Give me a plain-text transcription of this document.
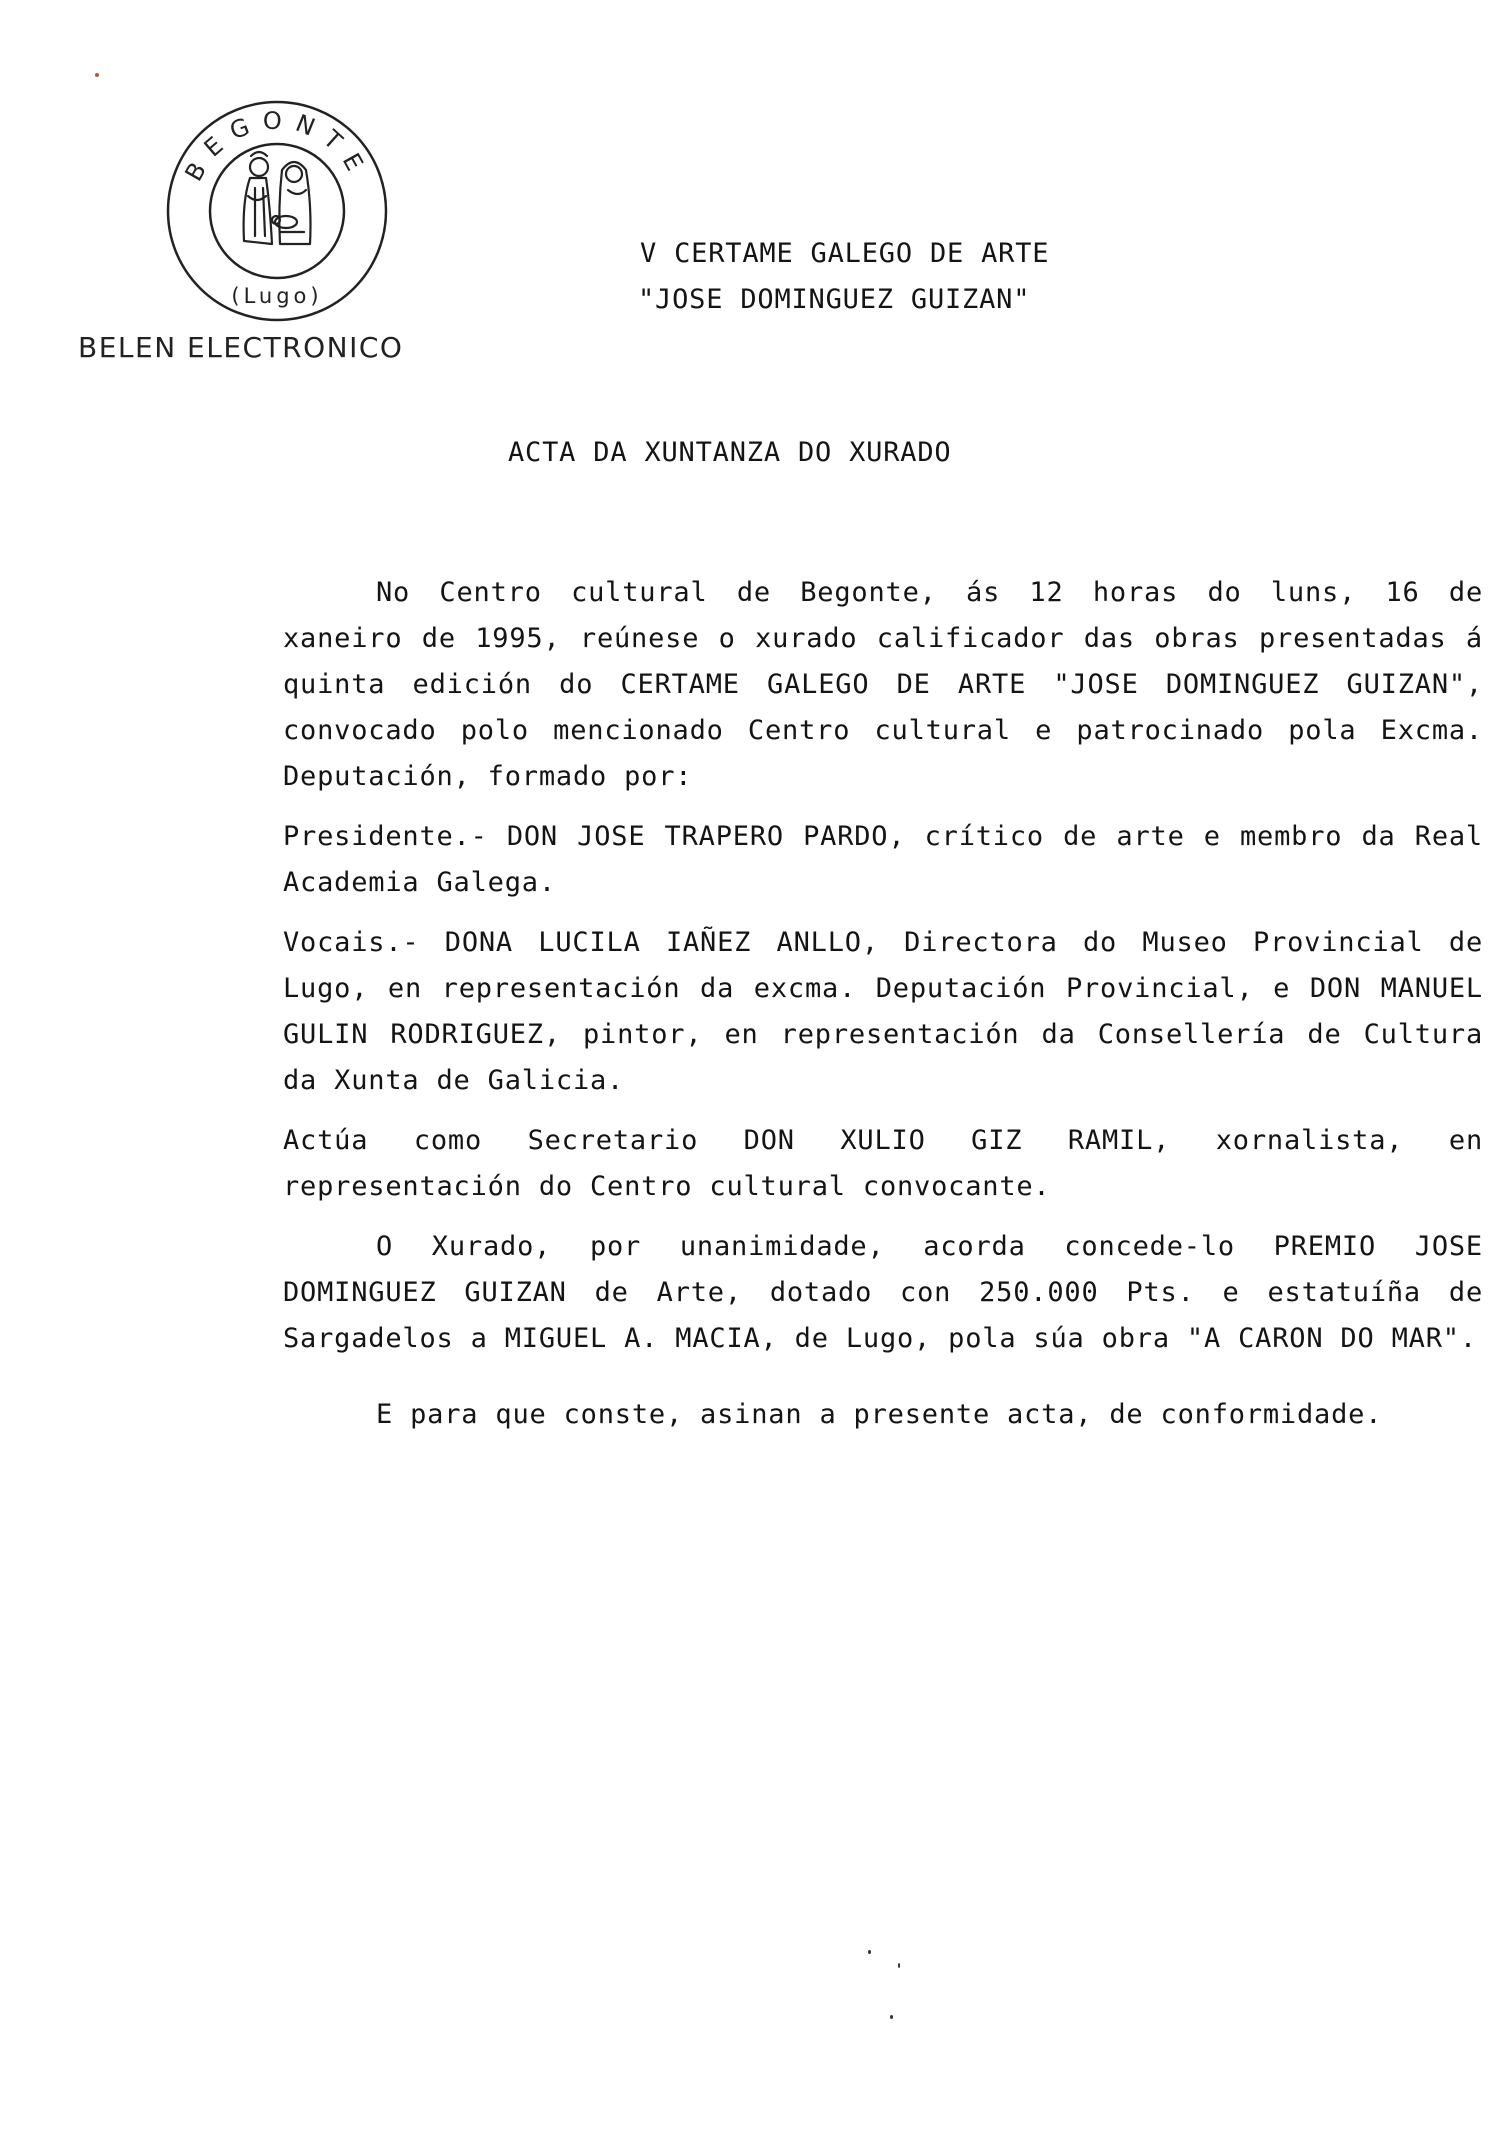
BEGONTE
(Lugo)
BELEN ELECTRONICO
V CERTAME GALEGO DE ARTE
"JOSE DOMINGUEZ GUIZAN"
ACTA DA XUNTANZA DO XURADO

No Centro cultural de Begonte, ás 12 horas do luns, 16 de xaneiro de 1995, reúnese o xurado calificador das obras presentadas á quinta edición do CERTAME GALEGO DE ARTE "JOSE DOMINGUEZ GUIZAN", convocado polo mencionado Centro cultural e patrocinado pola Excma. Deputación, formado por:

Presidente.- DON JOSE TRAPERO PARDO, crítico de arte e membro da Real Academia Galega.

Vocais.- DONA LUCILA IAÑEZ ANLLO, Directora do Museo Provincial de Lugo, en representación da excma. Deputación Provincial, e DON MANUEL GULIN RODRIGUEZ, pintor, en representación da Consellería de Cultura da Xunta de Galicia.

Actúa como Secretario DON XULIO GIZ RAMIL, xornalista, en representación do Centro cultural convocante.

O Xurado, por unanimidade, acorda concede-lo PREMIO JOSE DOMINGUEZ GUIZAN de Arte, dotado con 250.000 Pts. e estatuíña de Sargadelos a MIGUEL A. MACIA, de Lugo, pola súa obra "A CARON DO MAR".

E para que conste, asinan a presente acta, de conformidade.
